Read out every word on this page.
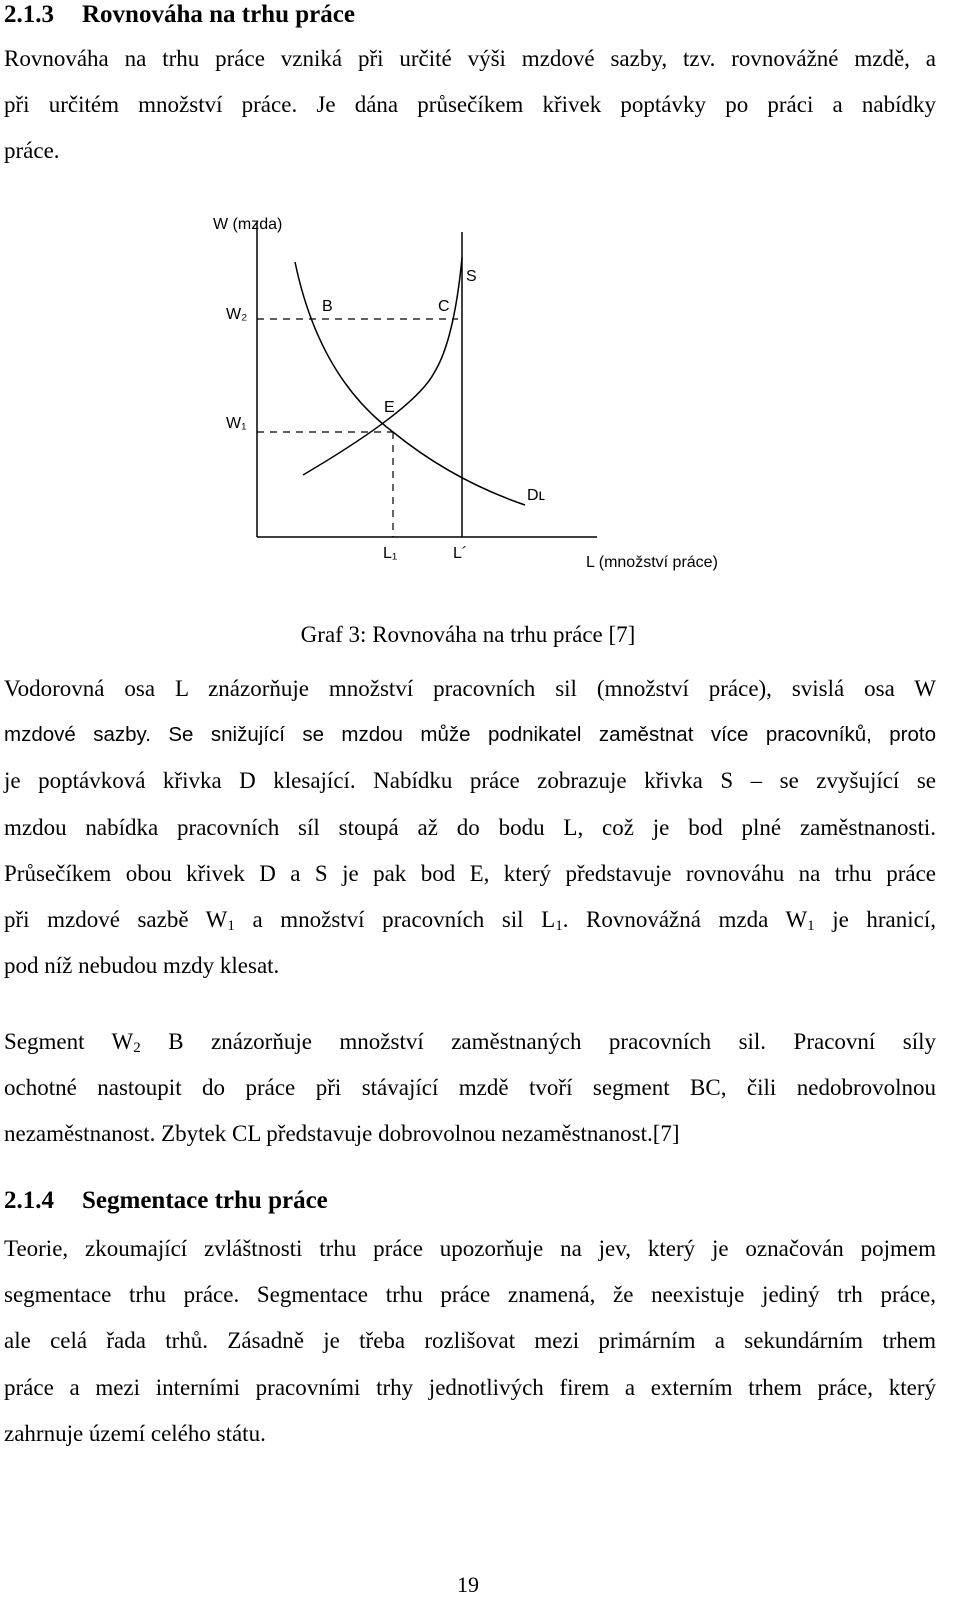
2.1.3 Rovnováha na trhu práce
Rovnováha na trhu práce vzniká při určité výši mzdové sazby, tzv. rovnovážné mzdě, a
při určitém množství práce. Je dána průsečíkem křivek poptávky po práci a nabídky
práce.
W (mzda)
L (množství práce)
W₂
W₁
L₁	L´
B	C
E
Dʟ
S
Graf 3: Rovnováha na trhu práce [7]
Vodorovná osa L znázorňuje množství pracovních sil (množství práce), svislá osa W
mzdové sazby. Se snižující se mzdou může podnikatel zaměstnat více pracovníků, proto
je poptávková křivka D klesající. Nabídku práce zobrazuje křivka S – se zvyšující se
mzdou nabídka pracovních síl stoupá až do bodu L, což je bod plné zaměstnanosti.
Průsečíkem obou křivek D a S je pak bod E, který představuje rovnováhu na trhu práce
při mzdové sazbě $W_1$ a množství pracovních sil $L_1$. Rovnovážná mzda $W_1$ je hranicí,
pod níž nebudou mzdy klesat.
Segment $W_2$ B znázorňuje množství zaměstnaných pracovních sil. Pracovní síly
ochotné nastoupit do práce při stávající mzdě tvoří segment BC, čili nedobrovolnou
nezaměstnanost. Zbytek CL představuje dobrovolnou nezaměstnanost.[7]
2.1.4 Segmentace trhu práce
Teorie, zkoumající zvláštnosti trhu práce upozorňuje na jev, který je označován pojmem
segmentace trhu práce. Segmentace trhu práce znamená, že neexistuje jediný trh práce,
ale celá řada trhů. Zásadně je třeba rozlišovat mezi primárním a sekundárním trhem
práce a mezi interními pracovními trhy jednotlivých firem a externím trhem práce, který
zahrnuje území celého státu.
19
